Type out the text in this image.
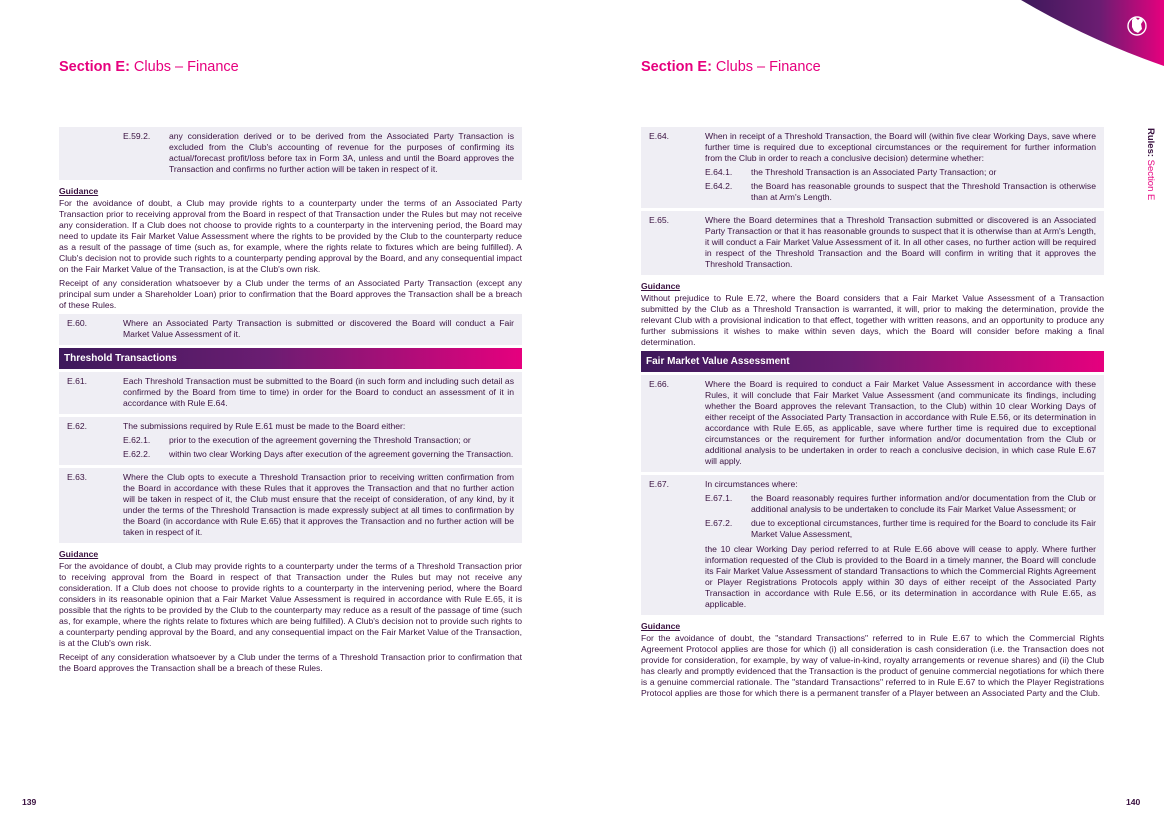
Section E: Clubs – Finance
E.59.2.	any consideration derived or to be derived from the Associated Party Transaction is excluded from the Club's accounting of revenue for the purposes of confirming its actual/forecast profit/loss before tax in Form 3A, unless and until the Board approves the Transaction and confirms no further action will be taken in respect of it.
Guidance
For the avoidance of doubt, a Club may provide rights to a counterparty under the terms of an Associated Party Transaction prior to receiving approval from the Board in respect of that Transaction under the Rules but may not receive any consideration. If a Club does not choose to provide rights to a counterparty in the intervening period, the Board may need to update its Fair Market Value Assessment where the rights to be provided by the Club to the counterparty reduce as a result of the passage of time (such as, for example, where the rights relate to fixtures which are being fulfilled). A Club's decision not to provide such rights to a counterparty pending approval by the Board, and any consequential impact on the Fair Market Value of the Transaction, is at the Club's own risk.
Receipt of any consideration whatsoever by a Club under the terms of an Associated Party Transaction (except any principal sum under a Shareholder Loan) prior to confirmation that the Board approves the Transaction shall be a breach of these Rules.
E.60.	Where an Associated Party Transaction is submitted or discovered the Board will conduct a Fair Market Value Assessment of it.
Threshold Transactions
E.61.	Each Threshold Transaction must be submitted to the Board (in such form and including such detail as confirmed by the Board from time to time) in order for the Board to conduct an assessment of it in accordance with Rule E.64.
E.62.	The submissions required by Rule E.61 must be made to the Board either:
E.62.1.	prior to the execution of the agreement governing the Threshold Transaction; or
E.62.2.	within two clear Working Days after execution of the agreement governing the Transaction.
E.63.	Where the Club opts to execute a Threshold Transaction prior to receiving written confirmation from the Board in accordance with these Rules that it approves the Transaction and that no further action will be taken in respect of it, the Club must ensure that the receipt of consideration, of any kind, by it under the terms of the Threshold Transaction is made expressly subject at all times to confirmation by the Board (in accordance with Rule E.65) that it approves the Transaction and no further action will be taken in respect of it.
Guidance
For the avoidance of doubt, a Club may provide rights to a counterparty under the terms of a Threshold Transaction prior to receiving approval from the Board in respect of that Transaction under the Rules but may not receive any consideration. If a Club does not choose to provide rights to a counterparty in the intervening period, where the Board considers in its reasonable opinion that a Fair Market Value Assessment is required in accordance with Rule E.65, it is possible that the rights to be provided by the Club to the counterparty may reduce as a result of the passage of time (such as, for example, where the rights relate to fixtures which are being fulfilled). A Club's decision not to provide such rights to a counterparty pending approval by the Board, and any consequential impact on the Fair Market Value of the Transaction, is at the Club's own risk.
Receipt of any consideration whatsoever by a Club under the terms of a Threshold Transaction prior to confirmation that the Board approves the Transaction shall be a breach of these Rules.
139
Section E: Clubs – Finance
E.64.	When in receipt of a Threshold Transaction, the Board will (within five clear Working Days, save where further time is required due to exceptional circumstances or the requirement for further information from the Club in order to reach a conclusive decision) determine whether:
E.64.1.	the Threshold Transaction is an Associated Party Transaction; or
E.64.2.	the Board has reasonable grounds to suspect that the Threshold Transaction is otherwise than at Arm's Length.
E.65.	Where the Board determines that a Threshold Transaction submitted or discovered is an Associated Party Transaction or that it has reasonable grounds to suspect that it is otherwise than at Arm's Length, it will conduct a Fair Market Value Assessment of it. In all other cases, no further action will be required in respect of the Threshold Transaction and the Board will confirm in writing that it approves the Threshold Transaction.
Guidance
Without prejudice to Rule E.72, where the Board considers that a Fair Market Value Assessment of a Transaction submitted by the Club as a Threshold Transaction is warranted, it will, prior to making the determination, provide the relevant Club with a provisional indication to that effect, together with written reasons, and an opportunity to produce any further submissions it wishes to make within seven days, which the Board will consider before making a final determination.
Fair Market Value Assessment
E.66.	Where the Board is required to conduct a Fair Market Value Assessment in accordance with these Rules, it will conclude that Fair Market Value Assessment (and communicate its findings, including whether the Board approves the relevant Transaction, to the Club) within 10 clear Working Days of either receipt of the Associated Party Transaction in accordance with Rule E.56, or its determination in accordance with Rule E.65, as applicable, save where further time is required due to exceptional circumstances or the requirement for further information and/or documentation from the Club or additional analysis to be undertaken in order to reach a conclusive decision, in which case Rule E.67 will apply.
E.67.	In circumstances where:
E.67.1.	the Board reasonably requires further information and/or documentation from the Club or additional analysis to be undertaken to conclude its Fair Market Value Assessment; or
E.67.2.	due to exceptional circumstances, further time is required for the Board to conclude its Fair Market Value Assessment,
the 10 clear Working Day period referred to at Rule E.66 above will cease to apply. Where further information requested of the Club is provided to the Board in a timely manner, the Board will conclude its Fair Market Value Assessment of standard Transactions to which the Commercial Rights Agreement or Player Registrations Protocols apply within 30 days of either receipt of the Associated Party Transaction in accordance with Rule E.56, or its determination in accordance with Rule E.65, as applicable.
Guidance
For the avoidance of doubt, the "standard Transactions" referred to in Rule E.67 to which the Commercial Rights Agreement Protocol applies are those for which (i) all consideration is cash consideration (i.e. the Transaction does not provide for consideration, for example, by way of value-in-kind, royalty arrangements or revenue shares) and (ii) the Club has clearly and promptly evidenced that the Transaction is the product of genuine commercial negotiations for which there is a genuine commercial rationale. The "standard Transactions" referred to in Rule E.67 to which the Player Registrations Protocol applies are those for which there is a permanent transfer of a Player between an Associated Party and the Club.
Rules: Section E
140
